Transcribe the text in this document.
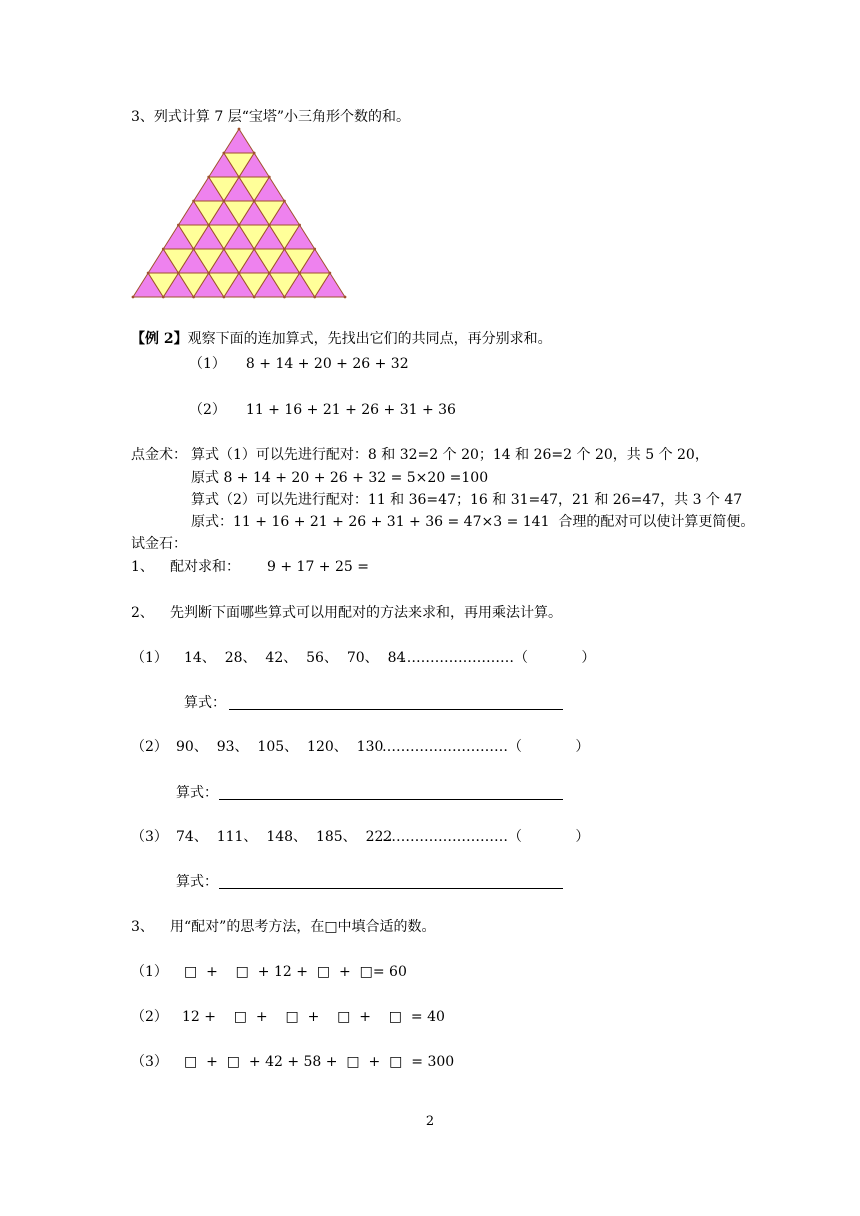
3、列式计算 7 层“宝塔”小三角形个数的和。
【例 2】观察下面的连加算式，先找出它们的共同点，再分别求和。
（1） 8 + 14 + 20 + 26 + 32
（2） 11 + 16 + 21 + 26 + 31 + 36
点金术： 算式（1）可以先进行配对：8 和 32=2 个 20；14 和 26=2 个 20，共 5 个 20，
原式 8 + 14 + 20 + 26 + 32 = 5×20 =100
算式（2）可以先进行配对：11 和 36=47；16 和 31=47，21 和 26=47，共 3 个 47
原式：11 + 16 + 21 + 26 + 31 + 36 = 47×3 = 141  合理的配对可以使计算更简便。
试金石：
1、 配对求和： 9 + 17 + 25 =
2、 先判断下面哪些算式可以用配对的方法来求和，再用乘法计算。
（1） 14、  28、  42、  56、  70、  84
……………………（            ）
算式：
（2） 90、  93、  105、  120、  130
………………………（            ）
算式：
（3） 74、  111、  148、  185、  222
………………………（            ）
算式：
3、 用“配对”的思考方法，在□中填合适的数。
（1） □  +    □  + 12 +  □  +  □= 60
（2） 12 +    □  +    □  +    □  +    □  = 40
（3） □  +  □  + 42 + 58 +  □  +  □  = 300
2
